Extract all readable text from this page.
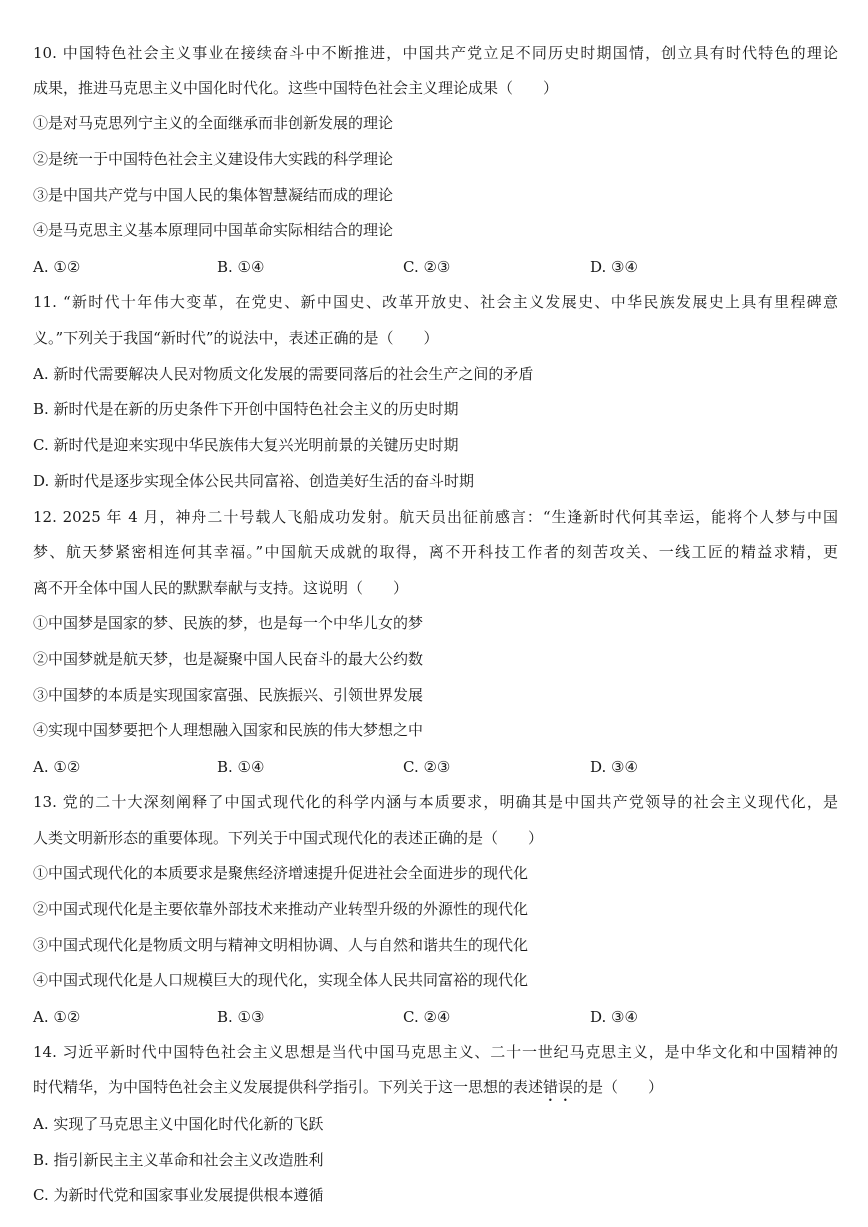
10. 中国特色社会主义事业在接续奋斗中不断推进，中国共产党立足不同历史时期国情，创立具有时代特色的理论
成果，推进马克思主义中国化时代化。这些中国特色社会主义理论成果（　　）
①是对马克思列宁主义的全面继承而非创新发展的理论
②是统一于中国特色社会主义建设伟大实践的科学理论
③是中国共产党与中国人民的集体智慧凝结而成的理论
④是马克思主义基本原理同中国革命实际相结合的理论
A. ①②	B. ①④	C. ②③	D. ③④
11. “新时代十年伟大变革，在党史、新中国史、改革开放史、社会主义发展史、中华民族发展史上具有里程碑意
义。”下列关于我国“新时代”的说法中，表述正确的是（　　）
A. 新时代需要解决人民对物质文化发展的需要同落后的社会生产之间的矛盾
B. 新时代是在新的历史条件下开创中国特色社会主义的历史时期
C. 新时代是迎来实现中华民族伟大复兴光明前景的关键历史时期
D. 新时代是逐步实现全体公民共同富裕、创造美好生活的奋斗时期
12. 2025 年 4 月，神舟二十号载人飞船成功发射。航天员出征前感言：“生逢新时代何其幸运，能将个人梦与中国
梦、航天梦紧密相连何其幸福。”中国航天成就的取得，离不开科技工作者的刻苦攻关、一线工匠的精益求精，更
离不开全体中国人民的默默奉献与支持。这说明（　　）
①中国梦是国家的梦、民族的梦，也是每一个中华儿女的梦
②中国梦就是航天梦，也是凝聚中国人民奋斗的最大公约数
③中国梦的本质是实现国家富强、民族振兴、引领世界发展
④实现中国梦要把个人理想融入国家和民族的伟大梦想之中
A. ①②	B. ①④	C. ②③	D. ③④
13. 党的二十大深刻阐释了中国式现代化的科学内涵与本质要求，明确其是中国共产党领导的社会主义现代化，是
人类文明新形态的重要体现。下列关于中国式现代化的表述正确的是（　　）
①中国式现代化的本质要求是聚焦经济增速提升促进社会全面进步的现代化
②中国式现代化是主要依靠外部技术来推动产业转型升级的外源性的现代化
③中国式现代化是物质文明与精神文明相协调、人与自然和谐共生的现代化
④中国式现代化是人口规模巨大的现代化，实现全体人民共同富裕的现代化
A. ①②	B. ①③	C. ②④	D. ③④
14. 习近平新时代中国特色社会主义思想是当代中国马克思主义、二十一世纪马克思主义，是中华文化和中国精神的
时代精华，为中国特色社会主义发展提供科学指引。下列关于这一思想的表述错误的是（　　）
A. 实现了马克思主义中国化时代化新的飞跃
B. 指引新民主主义革命和社会主义改造胜利
C. 为新时代党和国家事业发展提供根本遵循
